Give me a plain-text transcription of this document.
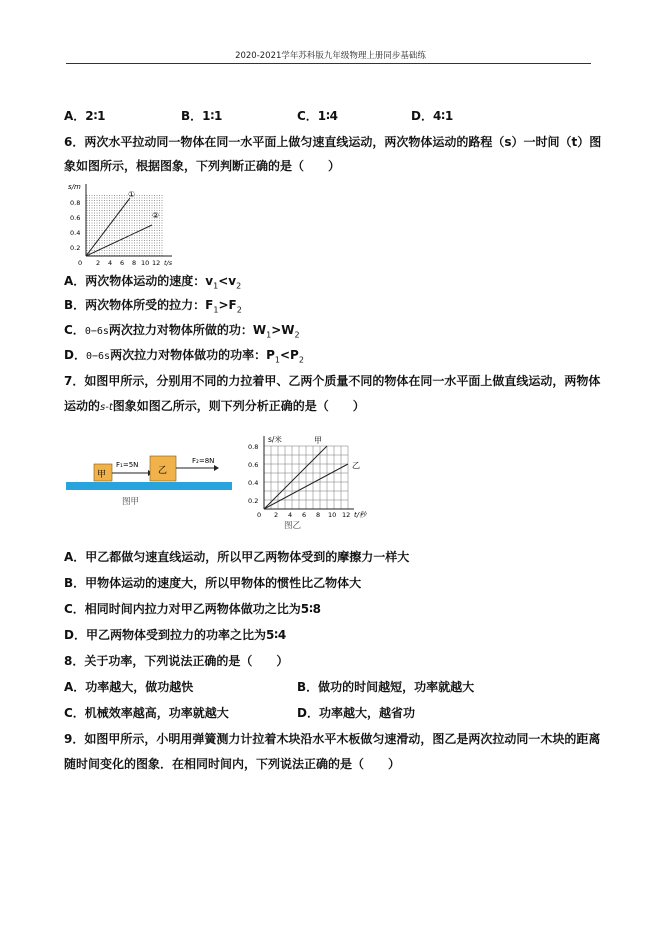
2020-2021学年苏科版九年级物理上册同步基础练
A．2∶1	B．1∶1	C．1∶4	D．4∶1
6．两次水平拉动同一物体在同一水平面上做匀速直线运动，两次物体运动的路程（s）一时间（t）图
象如图所示，根据图象，下列判断正确的是（　　）
s/m
t/s
0.8
0.6
0.4
0.2
0 2 4 6 8 10 12
①
②
A．两次物体运动的速度：$v_1<v_2$
B．两次物体所受的拉力：$F_1>F_2$
C．0−6s两次拉力对物体所做的功：$W_1>W_2$
D．0−6s两次拉力对物体做功的功率：$P_1<P_2$
7．如图甲所示，分别用不同的力拉着甲、乙两个质量不同的物体在同一水平面上做直线运动，两物体
运动的s-t图象如图乙所示，则下列分析正确的是（　　）
甲
F₁=5N
乙
F₂=8N
图甲
s/米
t/秒
0.8
0.6
0.4
0.2
0 2 4 6 8 10 12
甲
乙
图乙
A．甲乙都做匀速直线运动，所以甲乙两物体受到的摩擦力一样大
B．甲物体运动的速度大，所以甲物体的惯性比乙物体大
C．相同时间内拉力对甲乙两物体做功之比为5∶8
D．甲乙两物体受到拉力的功率之比为5∶4
8．关于功率，下列说法正确的是（　　）
A．功率越大，做功越快	B．做功的时间越短，功率就越大
C．机械效率越高，功率就越大	D．功率越大，越省功
9．如图甲所示，小明用弹簧测力计拉着木块沿水平木板做匀速滑动，图乙是两次拉动同一木块的距离
随时间变化的图象．在相同时间内，下列说法正确的是（　　）
